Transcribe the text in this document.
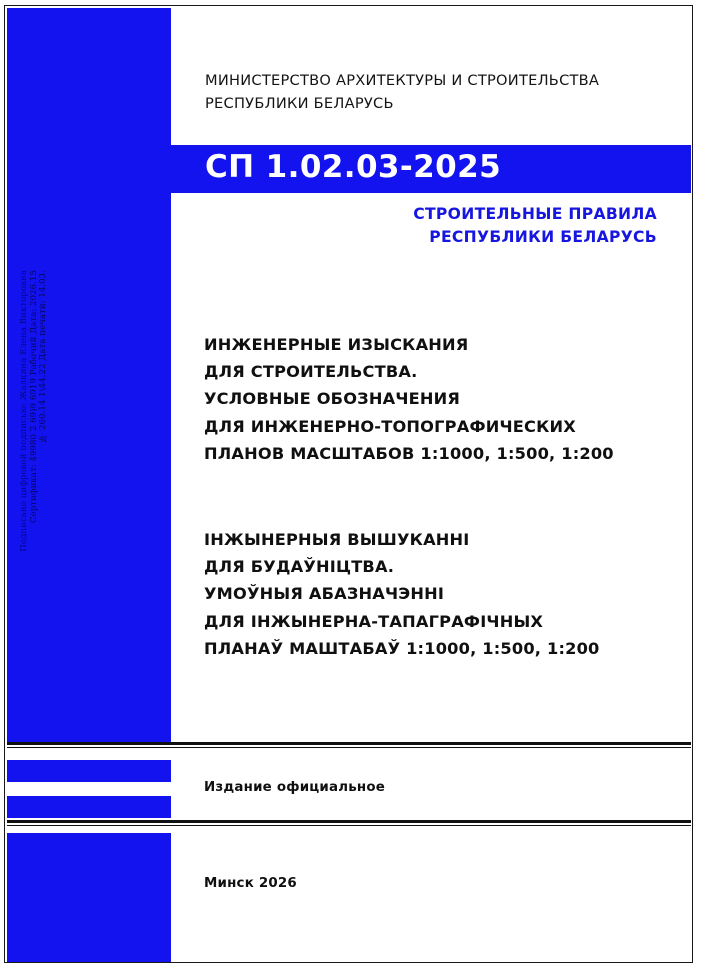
Подписано цифровой подписью: Жалкина Елена Викторовна Сертификат: 49980 2 69)9 6919 Рабочий Дата: 2026.15 № 260.14 1\44.22 Дата печати: 14.03.
МИНИСТЕРСТВО АРХИТЕКТУРЫ И СТРОИТЕЛЬСТВА
РЕСПУБЛИКИ БЕЛАРУСЬ
СП 1.02.03-2025
СТРОИТЕЛЬНЫЕ ПРАВИЛА
РЕСПУБЛИКИ БЕЛАРУСЬ
ИНЖЕНЕРНЫЕ ИЗЫСКАНИЯ
ДЛЯ СТРОИТЕЛЬСТВА.
УСЛОВНЫЕ ОБОЗНАЧЕНИЯ
ДЛЯ ИНЖЕНЕРНО-ТОПОГРАФИЧЕСКИХ
ПЛАНОВ МАСШТАБОВ 1:1000, 1:500, 1:200
ІНЖЫНЕРНЫЯ ВЫШУКАННІ
ДЛЯ БУДАЎНІЦТВА.
УМОЎНЫЯ АБАЗНАЧЭННІ
ДЛЯ ІНЖЫНЕРНА-ТАПАГРАФІЧНЫХ
ПЛАНАЎ МАШТАБАЎ 1:1000, 1:500, 1:200
Издание официальное
Минск 2026
